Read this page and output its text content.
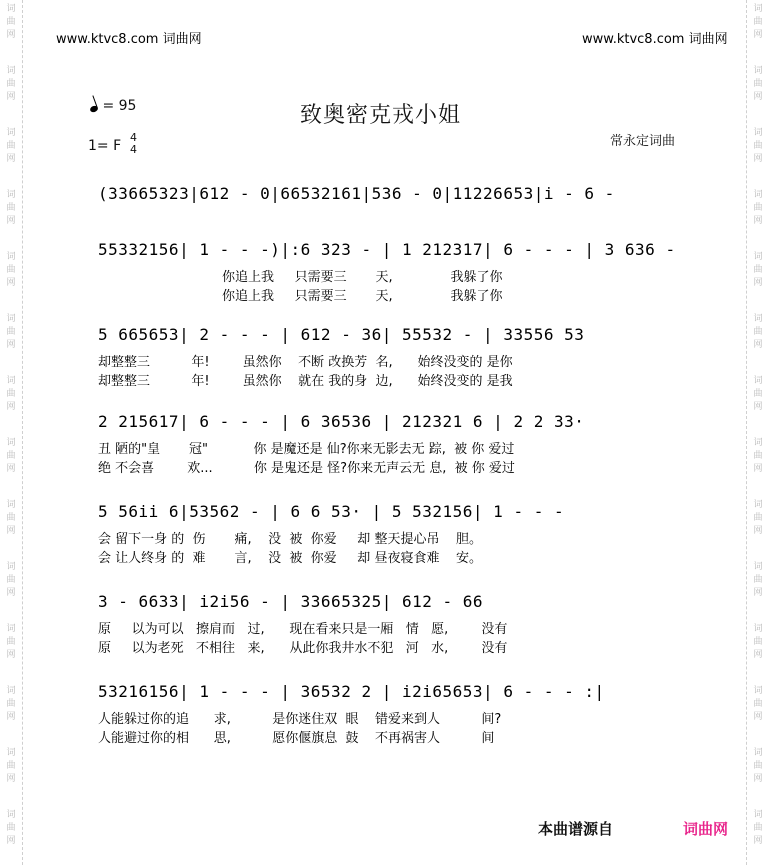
词
曲
网
词
曲
网
词
曲
网
词
曲
网
词
曲
网
词
曲
网
词
曲
网
词
曲
网
词
曲
网
词
曲
网
词
曲
网
词
曲
网
词
曲
网
词
曲
网
词
曲
网
词
曲
网
词
曲
网
词
曲
网
词
曲
网
词
曲
网
词
曲
网
词
曲
网
词
曲
网
词
曲
网
词
曲
网
词
曲
网
词
曲
网
词
曲
网
www.ktvc8.com 词曲网	www.ktvc8.com 词曲网
= 95	致奥密克戎小姐
1= F
4
4
常永定词曲
(33665323|612 - 0|66532161|536 - 0|11226653|i - 6 -
55332156| 1 - - -)|:6 323 - | 1 212317| 6 - - - | 3 636 -
你追上我     只需要三       天,              我躲了你
你追上我     只需要三       天,              我躲了你
5 665653| 2 - - - | 612 - 36| 55532 - | 33556 53
却整整三          年!        虽然你    不断 改换芳  名,      始终没变的 是你
却整整三          年!        虽然你    就在 我的身  边,      始终没变的 是我
2 215617| 6 - - - | 6 36536 | 212321 6 | 2 2 33·
丑 陋的"皇       冠"           你 是魔还是 仙?你来无影去无 踪,  被 你 爱过
绝 不会喜        欢...          你 是鬼还是 怪?你来无声云无 息,  被 你 爱过
5 56ii 6|53562 - | 6 6 53· | 5 532156| 1 - - -
会 留下一身 的  伤       痛,    没  被  你爱     却 整天提心吊    胆。
会 让人终身 的  难       言,    没  被  你爱     却 昼夜寝食难    安。
3 - 6633| i2i56 - | 33665325| 612 - 66
原     以为可以   擦肩而   过,      现在看来只是一厢   情   愿,        没有
原     以为老死   不相往   来,      从此你我井水不犯   河   水,        没有
53216156| 1 - - - | 36532 2 | i2i65653| 6 - - - :|
人能躲过你的追      求,          是你迷住双  眼    错爱来到人          间?
人能避过你的相      思,          愿你偃旗息  鼓    不再祸害人          间
本曲谱源自	词曲网
